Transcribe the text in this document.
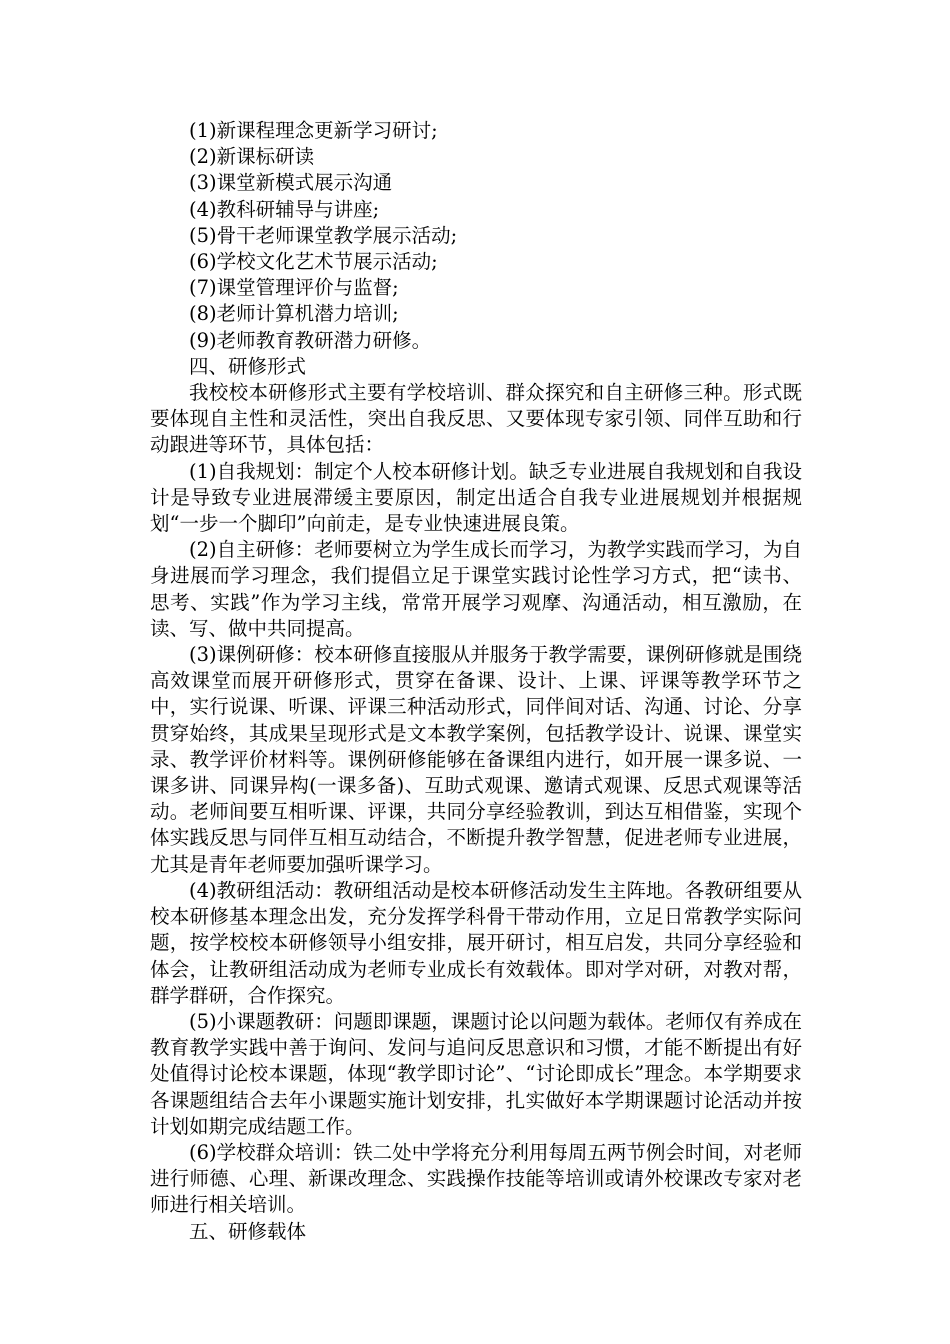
(1)新课程理念更新学习研讨;

(2)新课标研读

(3)课堂新模式展示沟通

(4)教科研辅导与讲座;

(5)骨干老师课堂教学展示活动;

(6)学校文化艺术节展示活动;

(7)课堂管理评价与监督;

(8)老师计算机潜力培训;

(9)老师教育教研潜力研修。

四、研修形式

我校校本研修形式主要有学校培训、群众探究和自主研修三种。形式既要体现自主性和灵活性，突出自我反思、又要体现专家引领、同伴互助和行动跟进等环节，具体包括：

(1)自我规划：制定个人校本研修计划。缺乏专业进展自我规划和自我设计是导致专业进展滞缓主要原因，制定出适合自我专业进展规划并根据规划“一步一个脚印”向前走，是专业快速进展良策。

(2)自主研修：老师要树立为学生成长而学习，为教学实践而学习，为自身进展而学习理念，我们提倡立足于课堂实践讨论性学习方式，把“读书、思考、实践”作为学习主线，常常开展学习观摩、沟通活动，相互激励，在读、写、做中共同提高。

(3)课例研修：校本研修直接服从并服务于教学需要，课例研修就是围绕高效课堂而展开研修形式，贯穿在备课、设计、上课、评课等教学环节之中，实行说课、听课、评课三种活动形式，同伴间对话、沟通、讨论、分享贯穿始终，其成果呈现形式是文本教学案例，包括教学设计、说课、课堂实录、教学评价材料等。课例研修能够在备课组内进行，如开展一课多说、一课多讲、同课异构(一课多备)、互助式观课、邀请式观课、反思式观课等活动。老师间要互相听课、评课，共同分享经验教训，到达互相借鉴，实现个体实践反思与同伴互相互动结合，不断提升教学智慧，促进老师专业进展，尤其是青年老师要加强听课学习。

(4)教研组活动：教研组活动是校本研修活动发生主阵地。各教研组要从校本研修基本理念出发，充分发挥学科骨干带动作用，立足日常教学实际问题，按学校校本研修领导小组安排，展开研讨，相互启发，共同分享经验和体会，让教研组活动成为老师专业成长有效载体。即对学对研，对教对帮，群学群研，合作探究。

(5)小课题教研：问题即课题，课题讨论以问题为载体。老师仅有养成在教育教学实践中善于询问、发问与追问反思意识和习惯，才能不断提出有好处值得讨论校本课题，体现“教学即讨论”、“讨论即成长”理念。本学期要求各课题组结合去年小课题实施计划安排，扎实做好本学期课题讨论活动并按计划如期完成结题工作。

(6)学校群众培训：铁二处中学将充分利用每周五两节例会时间，对老师进行师德、心理、新课改理念、实践操作技能等培训或请外校课改专家对老师进行相关培训。

五、研修载体
